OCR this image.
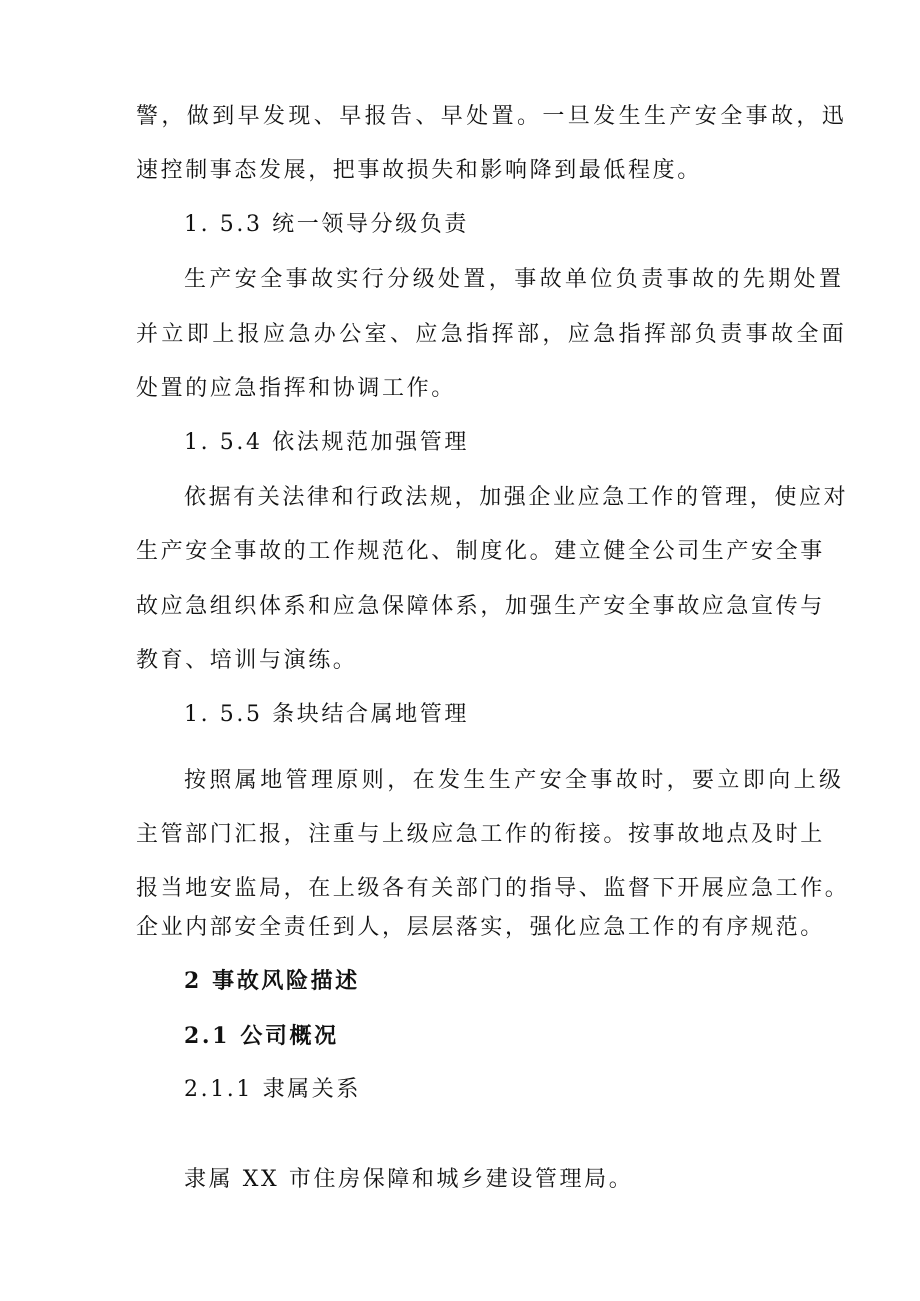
警，做到早发现、早报告、早处置。一旦发生生产安全事故，迅
速控制事态发展，把事故损失和影响降到最低程度。
1. 5.3 统一领导分级负责
生产安全事故实行分级处置，事故单位负责事故的先期处置
并立即上报应急办公室、应急指挥部，应急指挥部负责事故全面
处置的应急指挥和协调工作。
1. 5.4 依法规范加强管理
依据有关法律和行政法规，加强企业应急工作的管理，使应对
生产安全事故的工作规范化、制度化。建立健全公司生产安全事
故应急组织体系和应急保障体系，加强生产安全事故应急宣传与
教育、培训与演练。
1. 5.5 条块结合属地管理
按照属地管理原则，在发生生产安全事故时，要立即向上级
主管部门汇报，注重与上级应急工作的衔接。按事故地点及时上
报当地安监局，在上级各有关部门的指导、监督下开展应急工作。
企业内部安全责任到人，层层落实，强化应急工作的有序规范。
2 事故风险描述
2.1 公司概况
2.1.1 隶属关系
隶属 XX 市住房保障和城乡建设管理局。
